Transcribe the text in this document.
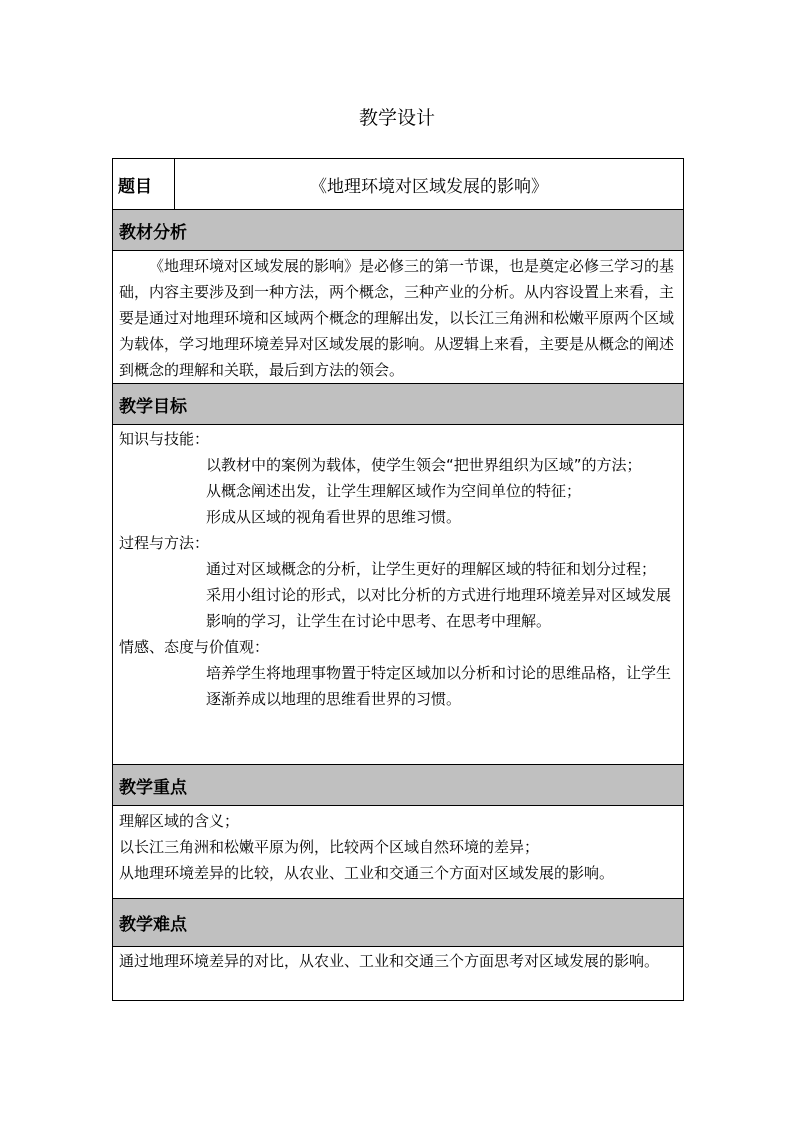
教学设计
题目	《地理环境对区域发展的影响》
教材分析

《地理环境对区域发展的影响》是必修三的第一节课，也是奠定必修三学习的基础，内容主要涉及到一种方法，两个概念，三种产业的分析。从内容设置上来看，主要是通过对地理环境和区域两个概念的理解出发，以长江三角洲和松嫩平原两个区域为载体，学习地理环境差异对区域发展的影响。从逻辑上来看，主要是从概念的阐述到概念的理解和关联，最后到方法的领会。

教学目标

知识与技能：

以教材中的案例为载体，使学生领会“把世界组织为区域”的方法；

从概念阐述出发，让学生理解区域作为空间单位的特征；

形成从区域的视角看世界的思维习惯。

过程与方法：

通过对区域概念的分析，让学生更好的理解区域的特征和划分过程；

采用小组讨论的形式，以对比分析的方式进行地理环境差异对区域发展影响的学习，让学生在讨论中思考、在思考中理解。

情感、态度与价值观：

培养学生将地理事物置于特定区域加以分析和讨论的思维品格，让学生逐渐养成以地理的思维看世界的习惯。

教学重点

理解区域的含义；

以长江三角洲和松嫩平原为例，比较两个区域自然环境的差异；

从地理环境差异的比较，从农业、工业和交通三个方面对区域发展的影响。

教学难点

通过地理环境差异的对比，从农业、工业和交通三个方面思考对区域发展的影响。
